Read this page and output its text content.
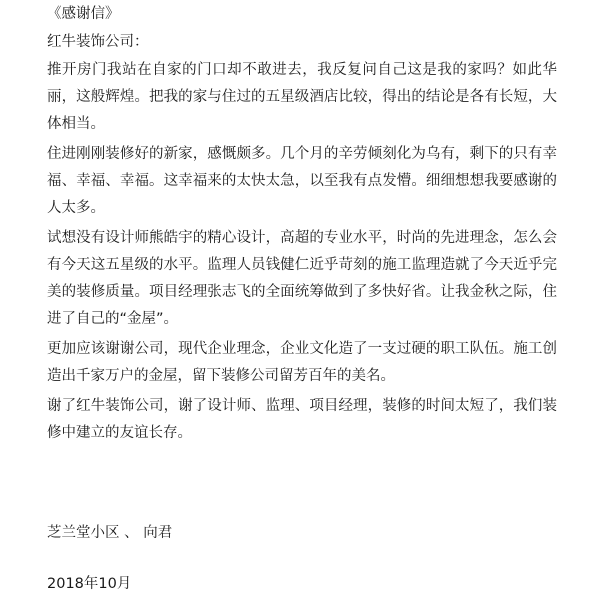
《感谢信》
红牛装饰公司：

推开房门我站在自家的门口却不敢进去，我反复问自己这是我的家吗？如此华丽，这般辉煌。把我的家与住过的五星级酒店比较，得出的结论是各有长短，大体相当。

住进刚刚装修好的新家，感慨颇多。几个月的辛劳倾刻化为乌有，剩下的只有幸福、幸福、幸福。这幸福来的太快太急，以至我有点发懵。细细想想我要感谢的人太多。

试想没有设计师熊皓宇的精心设计，高超的专业水平，时尚的先进理念，怎么会有今天这五星级的水平。监理人员钱健仁近乎苛刻的施工监理造就了今天近乎完美的装修质量。项目经理张志飞的全面统筹做到了多快好省。让我金秋之际，住进了自己的“金屋”。

更加应该谢谢公司，现代企业理念，企业文化造了一支过硬的职工队伍。施工创造出千家万户的金屋，留下装修公司留芳百年的美名。

谢了红牛装饰公司，谢了设计师、监理、项目经理，装修的时间太短了，我们装修中建立的友谊长存。

芝兰堂小区 、 向君
2018年10月
